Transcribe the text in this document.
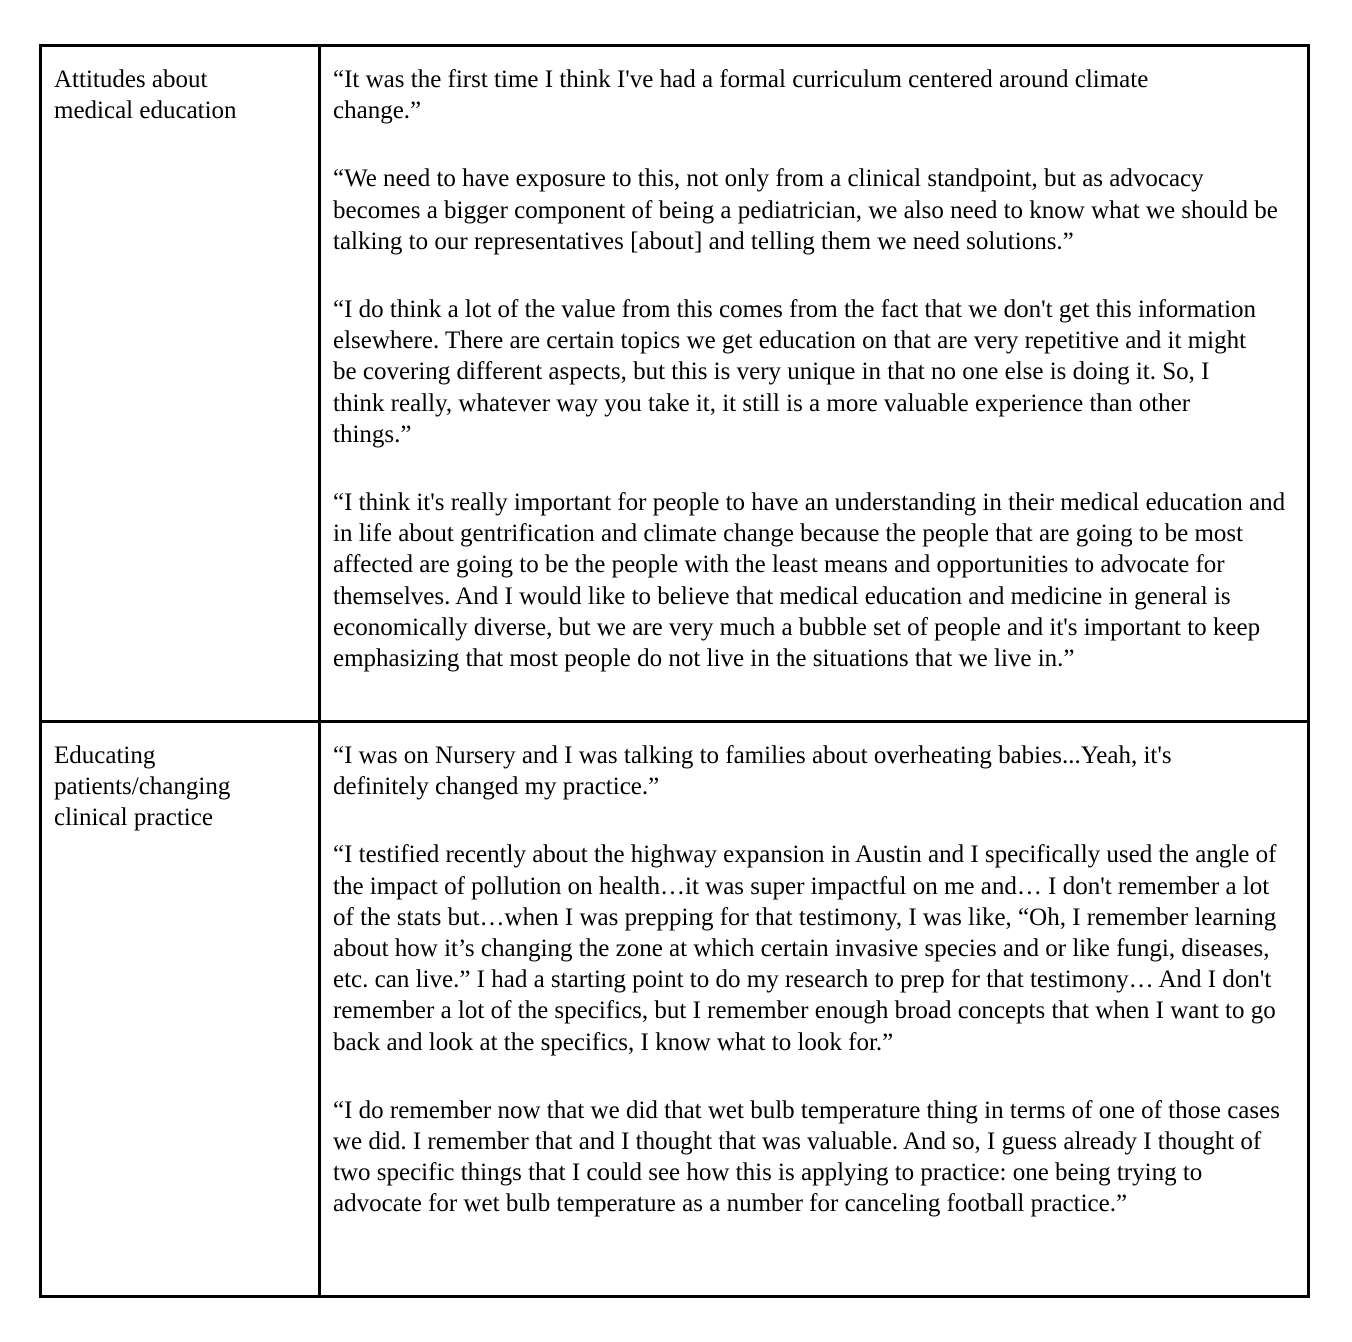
Attitudes about medical education	“It was the first time I think I've had a formal curriculum centered around climate change.”

“We need to have exposure to this, not only from a clinical standpoint, but as advocacy becomes a bigger component of being a pediatrician, we also need to know what we should be talking to our representatives [about] and telling them we need solutions.”

“I do think a lot of the value from this comes from the fact that we don't get this information elsewhere. There are certain topics we get education on that are very repetitive and it might be covering different aspects, but this is very unique in that no one else is doing it. So, I think really, whatever way you take it, it still is a more valuable experience than other things.”

“I think it's really important for people to have an understanding in their medical education and in life about gentrification and climate change because the people that are going to be most affected are going to be the people with the least means and opportunities to advocate for themselves. And I would like to believe that medical education and medicine in general is economically diverse, but we are very much a bubble set of people and it's important to keep emphasizing that most people do not live in the situations that we live in.”

Educating patients/changing clinical practice	“I was on Nursery and I was talking to families about overheating babies...Yeah, it's definitely changed my practice.”

“I testified recently about the highway expansion in Austin and I specifically used the angle of the impact of pollution on health…it was super impactful on me and… I don't remember a lot of the stats but…when I was prepping for that testimony, I was like, “Oh, I remember learning about how it’s changing the zone at which certain invasive species and or like fungi, diseases, etc. can live.” I had a starting point to do my research to prep for that testimony… And I don't remember a lot of the specifics, but I remember enough broad concepts that when I want to go back and look at the specifics, I know what to look for.”

“I do remember now that we did that wet bulb temperature thing in terms of one of those cases we did. I remember that and I thought that was valuable. And so, I guess already I thought of two specific things that I could see how this is applying to practice: one being trying to advocate for wet bulb temperature as a number for canceling football practice.”
